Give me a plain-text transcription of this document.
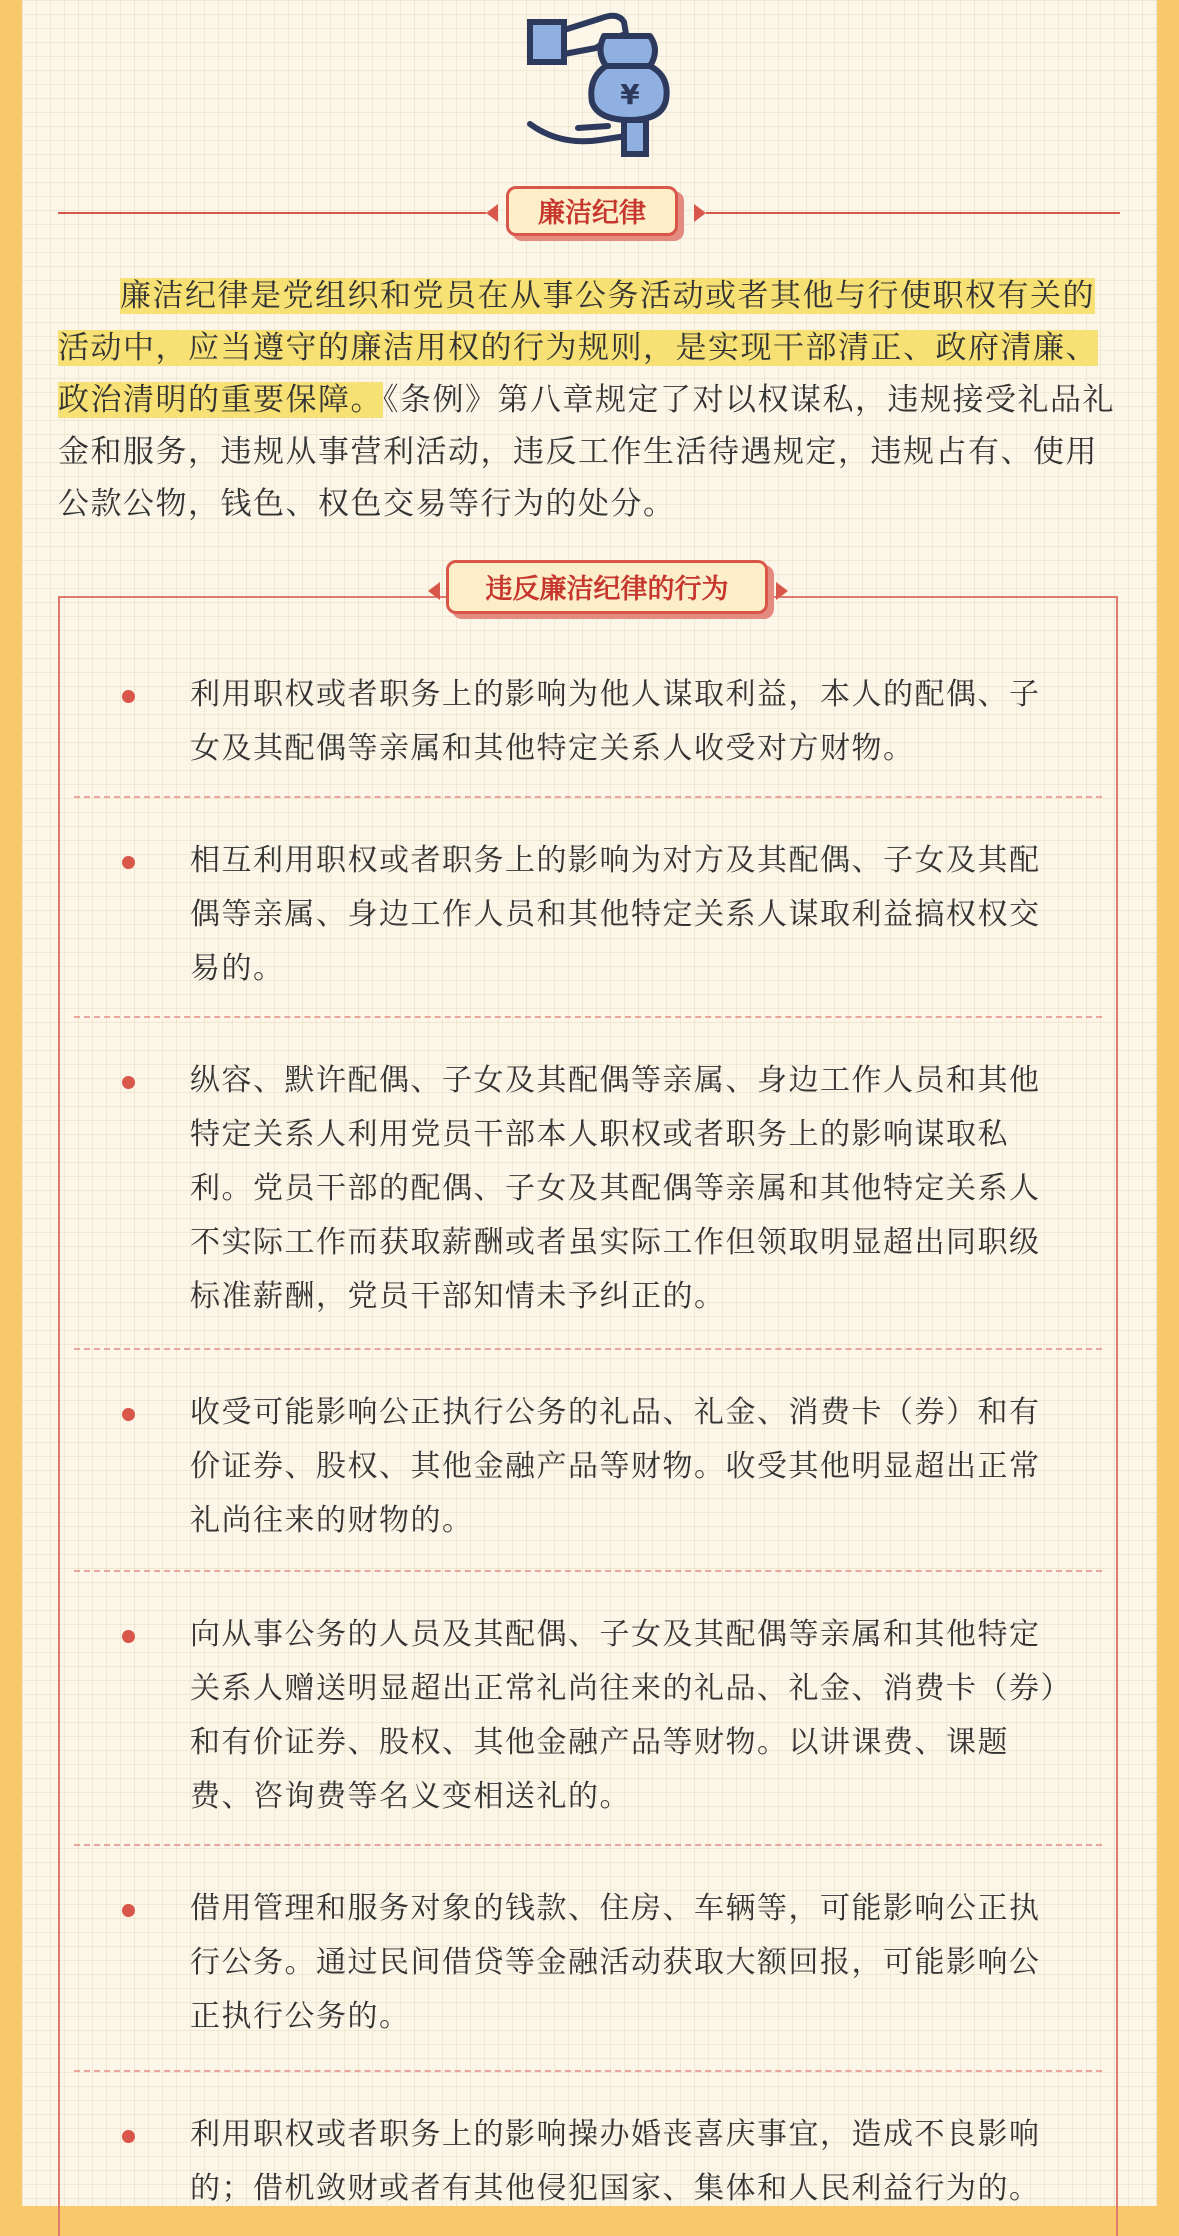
¥
廉洁纪律

廉洁纪律是党组织和党员在从事公务活动或者其他与行使职权有关的活动中，应当遵守的廉洁用权的行为规则，是实现干部清正、政府清廉、政治清明的重要保障。《条例》第八章规定了对以权谋私，违规接受礼品礼金和服务，违规从事营利活动，违反工作生活待遇规定，违规占有、使用公款公物，钱色、权色交易等行为的处分。

违反廉洁纪律的行为

利用职权或者职务上的影响为他人谋取利益，本人的配偶、子女及其配偶等亲属和其他特定关系人收受对方财物。

相互利用职权或者职务上的影响为对方及其配偶、子女及其配偶等亲属、身边工作人员和其他特定关系人谋取利益搞权权交易的。

纵容、默许配偶、子女及其配偶等亲属、身边工作人员和其他特定关系人利用党员干部本人职权或者职务上的影响谋取私利。党员干部的配偶、子女及其配偶等亲属和其他特定关系人不实际工作而获取薪酬或者虽实际工作但领取明显超出同职级标准薪酬，党员干部知情未予纠正的。

收受可能影响公正执行公务的礼品、礼金、消费卡（券）和有价证券、股权、其他金融产品等财物。收受其他明显超出正常礼尚往来的财物的。

向从事公务的人员及其配偶、子女及其配偶等亲属和其他特定关系人赠送明显超出正常礼尚往来的礼品、礼金、消费卡（券）和有价证券、股权、其他金融产品等财物。以讲课费、课题费、咨询费等名义变相送礼的。

借用管理和服务对象的钱款、住房、车辆等，可能影响公正执行公务。通过民间借贷等金融活动获取大额回报，可能影响公正执行公务的。

利用职权或者职务上的影响操办婚丧喜庆事宜，造成不良影响的；借机敛财或者有其他侵犯国家、集体和人民利益行为的。
